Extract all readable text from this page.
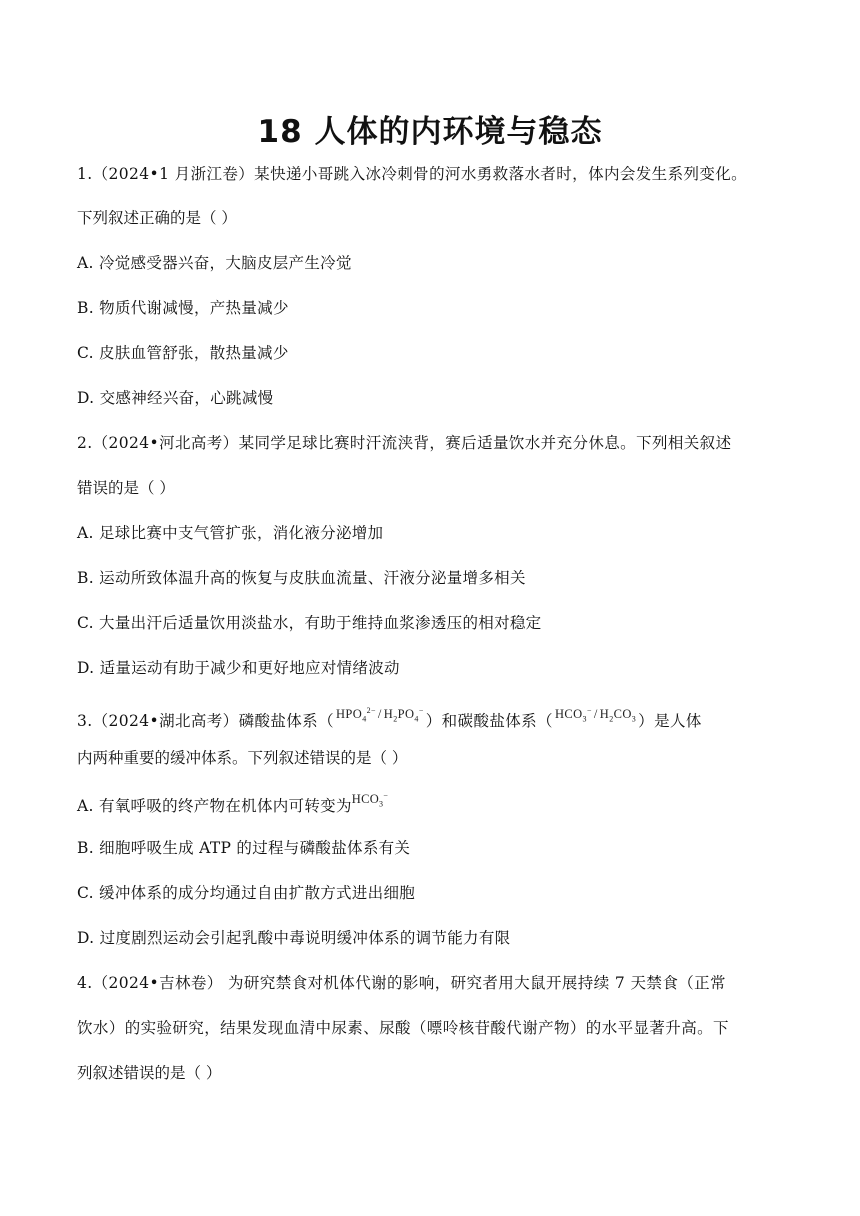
18 人体的内环境与稳态
1.（2024•1 月浙江卷）某快递小哥跳入冰冷刺骨的河水勇救落水者时，体内会发生系列变化。
下列叙述正确的是（ ）
A. 冷觉感受器兴奋，大脑皮层产生冷觉
B. 物质代谢减慢，产热量减少
C. 皮肤血管舒张，散热量减少
D. 交感神经兴奋，心跳减慢
2.（2024•河北高考）某同学足球比赛时汗流浃背，赛后适量饮水并充分休息。下列相关叙述
错误的是（ ）
A. 足球比赛中支气管扩张，消化液分泌增加
B. 运动所致体温升高的恢复与皮肤血流量、汗液分泌量增多相关
C. 大量出汗后适量饮用淡盐水，有助于维持血浆渗透压的相对稳定
D. 适量运动有助于减少和更好地应对情绪波动
3.（2024•湖北高考）磷酸盐体系（ $^{HPO_4^{2-} / H_2PO_4^-}$）和碳酸盐体系（ $^{HCO_3^- / H_2CO_3}$ ）是人体
内两种重要的缓冲体系。下列叙述错误的是（ ）
A. 有氧呼吸的终产物在机体内可转变为$^{HCO_3^-}$
B. 细胞呼吸生成 ATP 的过程与磷酸盐体系有关
C. 缓冲体系的成分均通过自由扩散方式进出细胞
D. 过度剧烈运动会引起乳酸中毒说明缓冲体系的调节能力有限
4.（2024•吉林卷） 为研究禁食对机体代谢的影响，研究者用大鼠开展持续 7 天禁食（正常
饮水）的实验研究，结果发现血清中尿素、尿酸（嘌呤核苷酸代谢产物）的水平显著升高。下
列叙述错误的是（ ）
